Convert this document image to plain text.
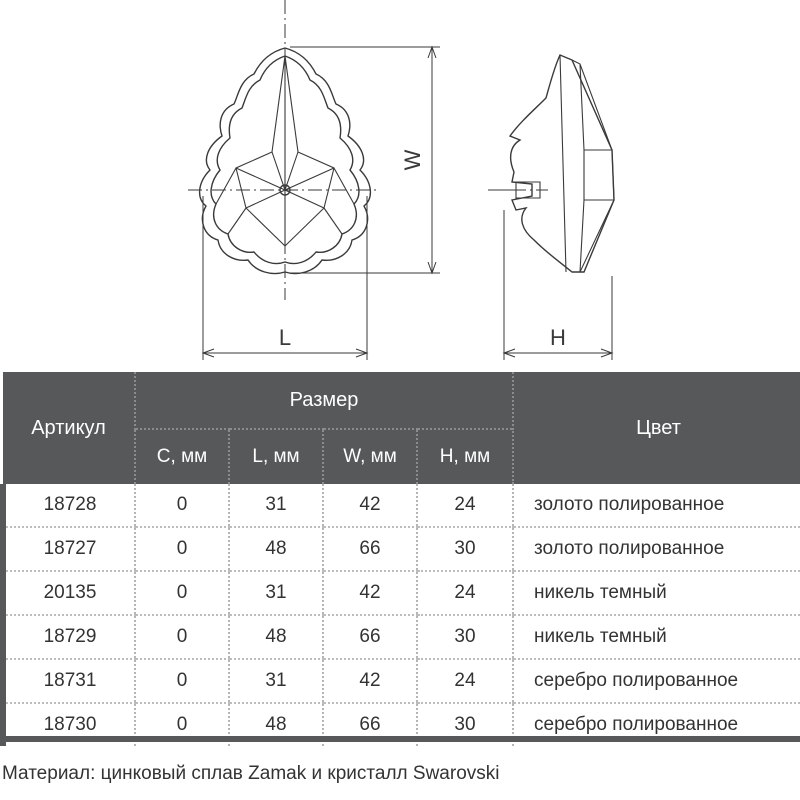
W
L	H
Артикул	Размер				Цвет
	C, мм	L, мм	W, мм	H, мм	
18728	0	31	42	24	золото полированное
18727	0	48	66	30	золото полированное
20135	0	31	42	24	никель темный
18729	0	48	66	30	никель темный
18731	0	31	42	24	серебро полированное
18730	0	48	66	30	серебро полированное
Материал: цинковый сплав Zamak и кристалл Swarovski
